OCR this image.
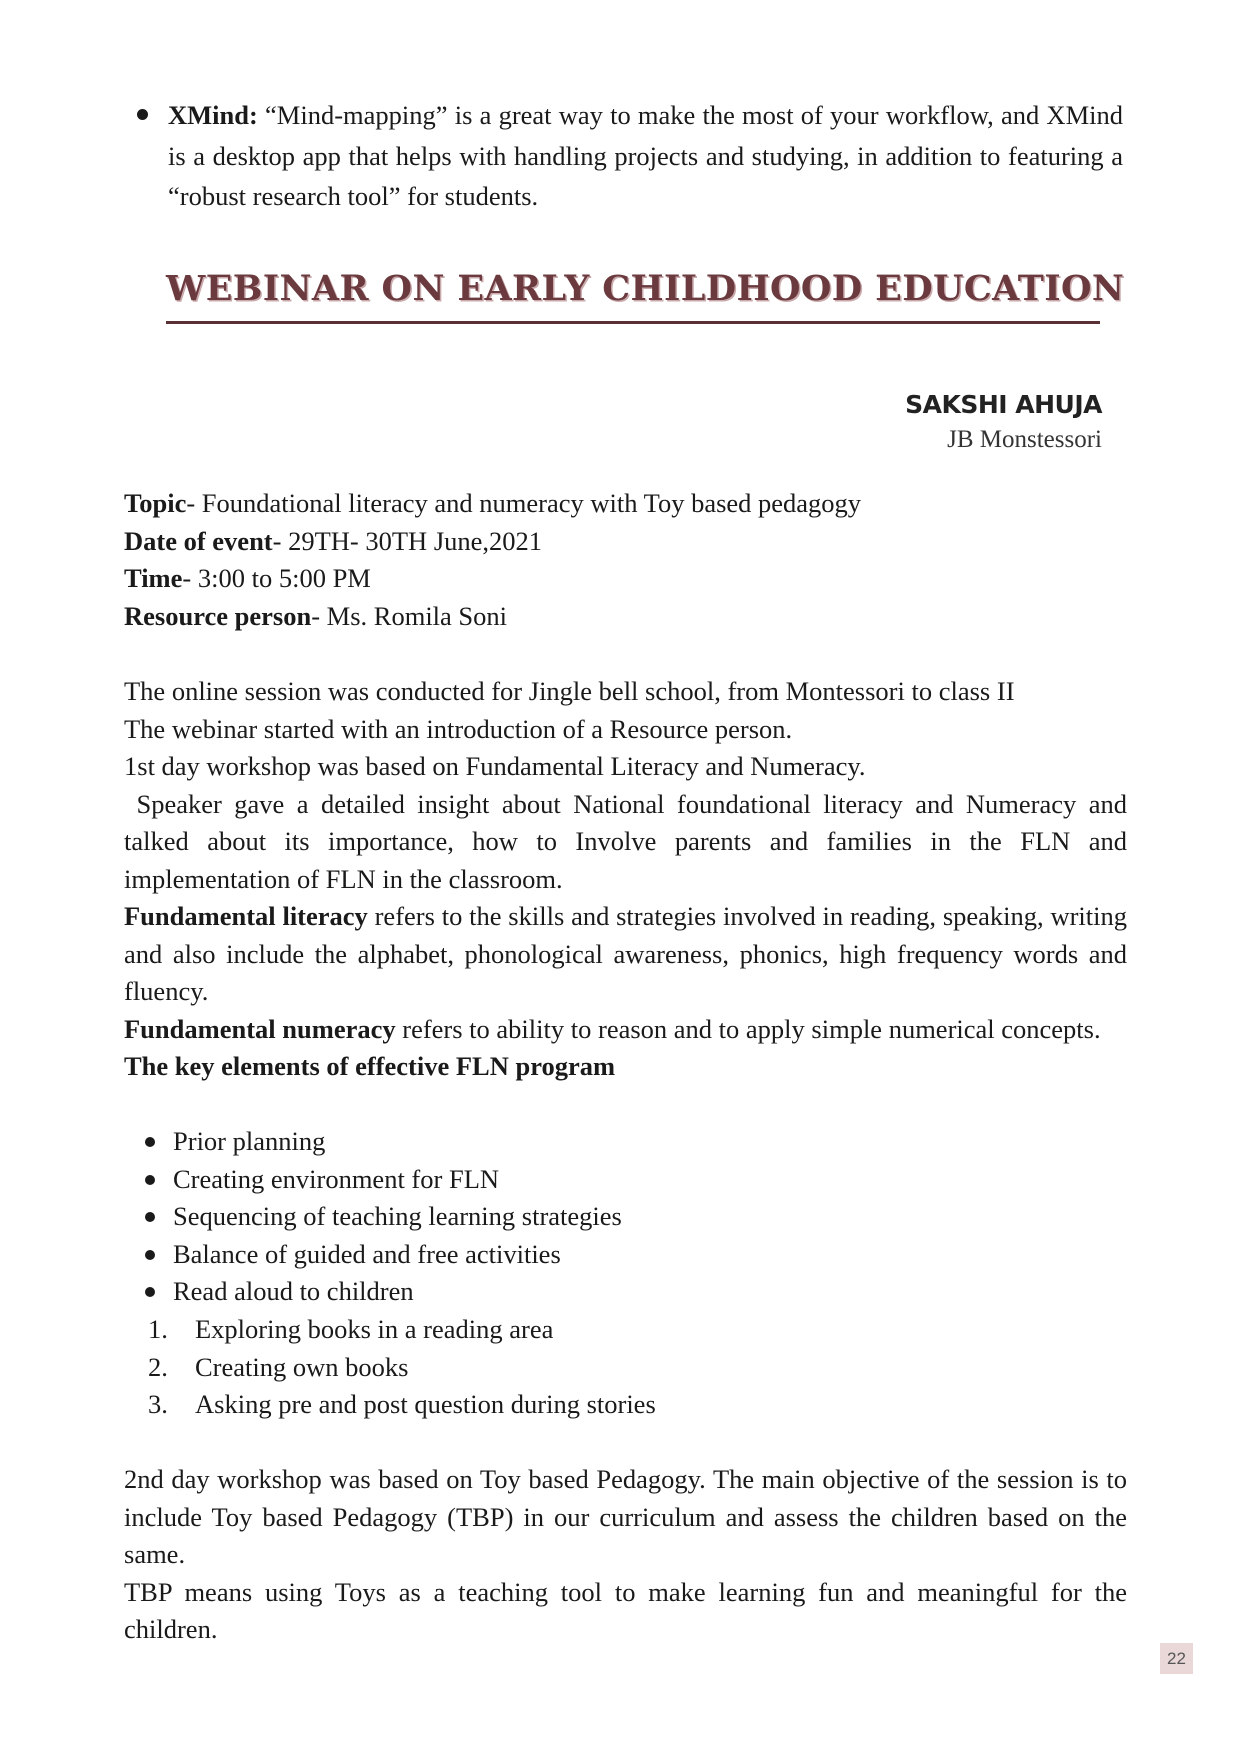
XMind: “Mind-mapping” is a great way to make the most of your workflow, and XMind is a desktop app that helps with handling projects and studying, in addition to featuring a “robust research tool” for students.
WEBINAR ON EARLY CHILDHOOD EDUCATION
SAKSHI AHUJA
JB Monstessori
Topic- Foundational literacy and numeracy with Toy based pedagogy
Date of event- 29TH- 30TH June,2021
Time- 3:00 to 5:00 PM
Resource person- Ms. Romila Soni
The online session was conducted for Jingle bell school, from Montessori to class II
The webinar started with an introduction of a Resource person.
1st day workshop was based on Fundamental Literacy and Numeracy.
Speaker gave a detailed insight about National foundational literacy and Numeracy and talked about its importance, how to Involve parents and families in the FLN and implementation of FLN in the classroom.
Fundamental literacy refers to the skills and strategies involved in reading, speaking, writing and also include the alphabet, phonological awareness, phonics, high frequency words and fluency.
Fundamental numeracy refers to ability to reason and to apply simple numerical concepts.
The key elements of effective FLN program
Prior planning
Creating environment for FLN
Sequencing of teaching learning strategies
Balance of guided and free activities
Read aloud to children
1. Exploring books in a reading area
2. Creating own books
3. Asking pre and post question during stories
2nd day workshop was based on Toy based Pedagogy. The main objective of the session is to include Toy based Pedagogy (TBP) in our curriculum and assess the children based on the same.
TBP means using Toys as a teaching tool to make learning fun and meaningful for the children.
22
